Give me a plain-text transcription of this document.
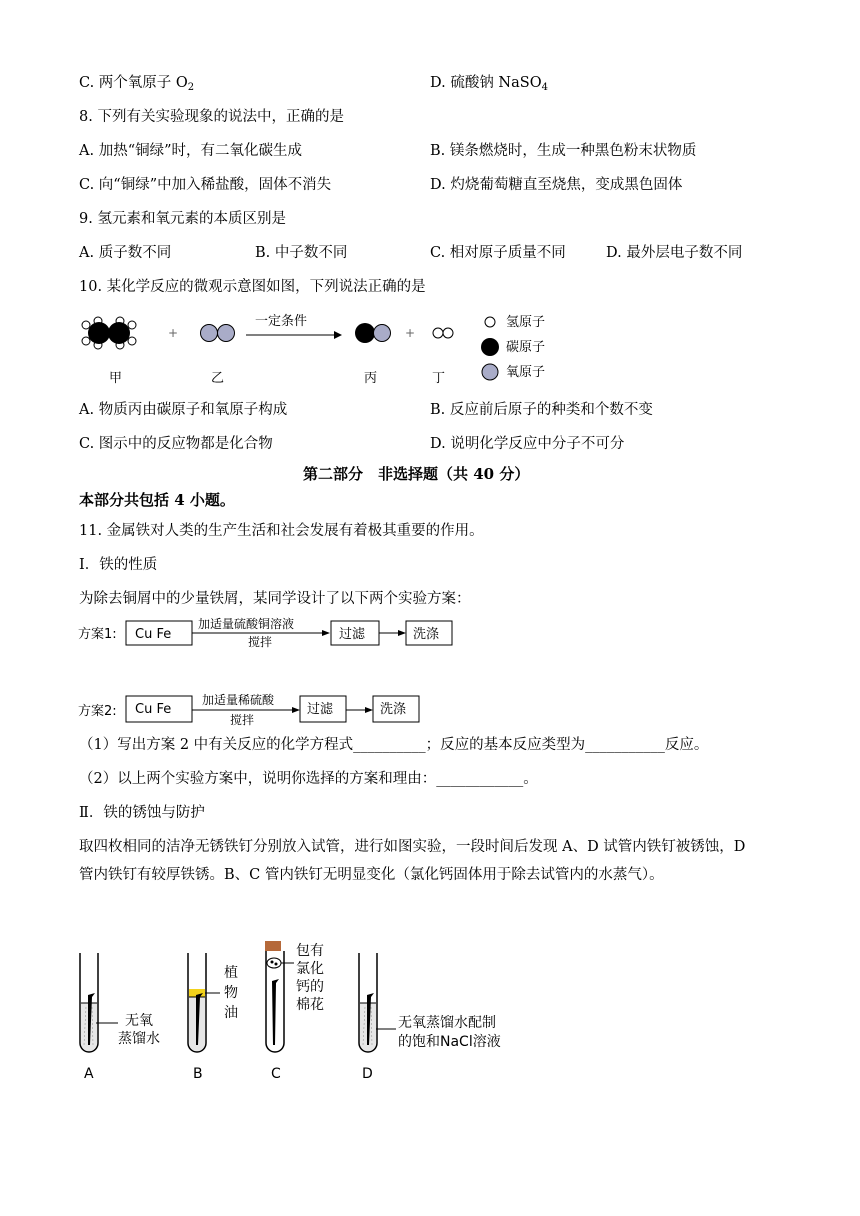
C. 两个氧原子 $O_2$	D. 硫酸钠 NaSO$_4$
8. 下列有关实验现象的说法中，正确的是
A. 加热“铜绿”时，有二氧化碳生成	B. 镁条燃烧时，生成一种黑色粉末状物质
C. 向“铜绿”中加入稀盐酸，固体不消失	D. 灼烧葡萄糖直至烧焦，变成黑色固体
9. 氢元素和氧元素的本质区别是
A. 质子数不同	B. 中子数不同	C. 相对原子质量不同	D. 最外层电子数不同
10. 某化学反应的微观示意图如图，下列说法正确的是
+
一定条件
+
甲	乙	丙	丁
氢原子
碳原子
氧原子
A. 物质丙由碳原子和氧原子构成	B. 反应前后原子的种类和个数不变
C. 图示中的反应物都是化合物	D. 说明化学反应中分子不可分
第二部分　非选择题（共 40 分）
本部分共包括 4 小题。
11. 金属铁对人类的生产生活和社会发展有着极其重要的作用。
I．铁的性质
为除去铜屑中的少量铁屑，某同学设计了以下两个实验方案：
方案1: Cu Fe
加适量硫酸铜溶液
搅拌	过滤	洗涤
方案2: Cu Fe
加适量稀硫酸
搅拌
过滤	洗涤
（1）写出方案 2 中有关反应的化学方程式__________；反应的基本反应类型为___________反应。
（2）以上两个实验方案中，说明你选择的方案和理由：____________。
Ⅱ．铁的锈蚀与防护
取四枚相同的洁净无锈铁钉分别放入试管，进行如图实验，一段时间后发现 A、D 试管内铁钉被锈蚀，D
管内铁钉有较厚铁锈。B、C 管内铁钉无明显变化（氯化钙固体用于除去试管内的水蒸气）。
无氧
蒸馏水
A
植
物
油
B
包有
氯化
钙的
棉花
C
无氧蒸馏水配制
的饱和NaCl溶液
D
